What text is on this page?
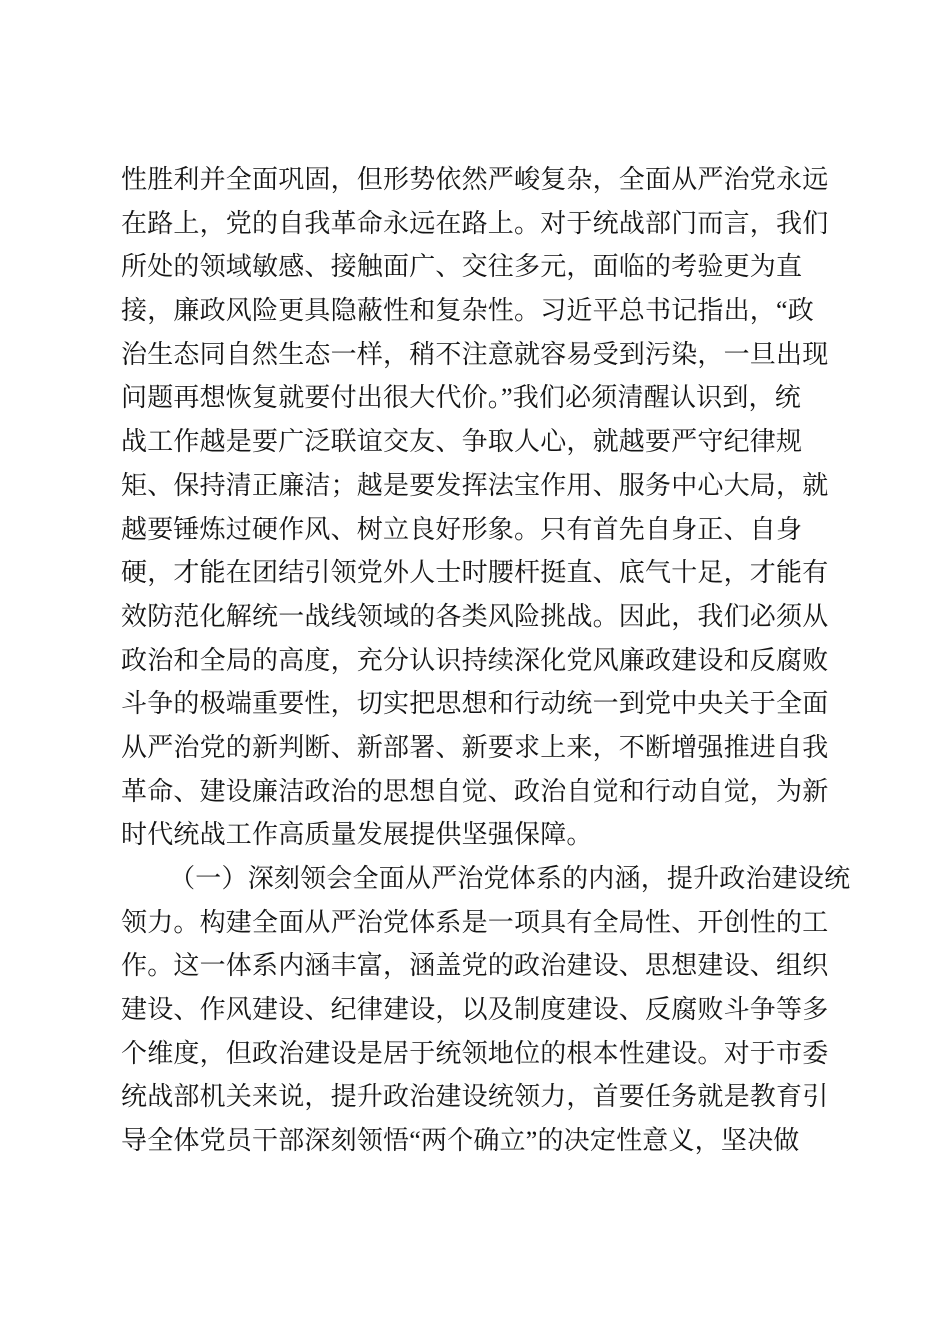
性胜利并全面巩固，但形势依然严峻复杂，全面从严治党永远
在路上，党的自我革命永远在路上。对于统战部门而言，我们
所处的领域敏感、接触面广、交往多元，面临的考验更为直
接，廉政风险更具隐蔽性和复杂性。习近平总书记指出，“政
治生态同自然生态一样，稍不注意就容易受到污染，一旦出现
问题再想恢复就要付出很大代价。”我们必须清醒认识到，统
战工作越是要广泛联谊交友、争取人心，就越要严守纪律规
矩、保持清正廉洁；越是要发挥法宝作用、服务中心大局，就
越要锤炼过硬作风、树立良好形象。只有首先自身正、自身
硬，才能在团结引领党外人士时腰杆挺直、底气十足，才能有
效防范化解统一战线领域的各类风险挑战。因此，我们必须从
政治和全局的高度，充分认识持续深化党风廉政建设和反腐败
斗争的极端重要性，切实把思想和行动统一到党中央关于全面
从严治党的新判断、新部署、新要求上来，不断增强推进自我
革命、建设廉洁政治的思想自觉、政治自觉和行动自觉，为新
时代统战工作高质量发展提供坚强保障。
（一）深刻领会全面从严治党体系的内涵，提升政治建设统
领力。构建全面从严治党体系是一项具有全局性、开创性的工
作。这一体系内涵丰富，涵盖党的政治建设、思想建设、组织
建设、作风建设、纪律建设，以及制度建设、反腐败斗争等多
个维度，但政治建设是居于统领地位的根本性建设。对于市委
统战部机关来说，提升政治建设统领力，首要任务就是教育引
导全体党员干部深刻领悟“两个确立”的决定性意义，坚决做
